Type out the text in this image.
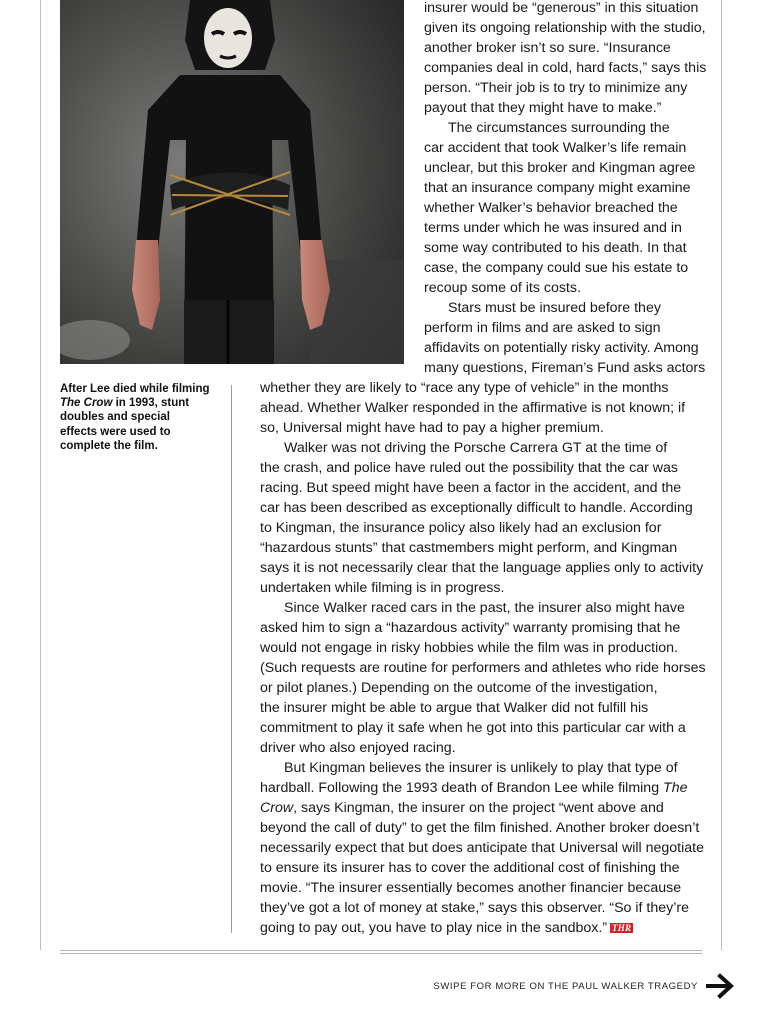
After Lee died while filming The Crow in 1993, stunt doubles and special effects were used to complete the film.

insurer would be “generous” in this situation
given its ongoing relationship with the studio,
another broker isn’t so sure. “Insurance
companies deal in cold, hard facts,” says this
person. “Their job is to try to minimize any
payout that they might have to make.”
The circumstances surrounding the
car accident that took Walker’s life remain
unclear, but this broker and Kingman agree
that an insurance company might examine
whether Walker’s behavior breached the
terms under which he was insured and in
some way contributed to his death. In that
case, the company could sue his estate to
recoup some of its costs.
Stars must be insured before they
perform in films and are asked to sign
affidavits on potentially risky activity. Among
many questions, Fireman’s Fund asks actors

whether they are likely to “race any type of vehicle” in the months
ahead. Whether Walker responded in the affirmative is not known; if
so, Universal might have had to pay a higher premium.
Walker was not driving the Porsche Carrera GT at the time of
the crash, and police have ruled out the possibility that the car was
racing. But speed might have been a factor in the accident, and the
car has been described as exceptionally difficult to handle. According
to Kingman, the insurance policy also likely had an exclusion for
“hazardous stunts” that castmembers might perform, and Kingman
says it is not necessarily clear that the language applies only to activity
undertaken while filming is in progress.
Since Walker raced cars in the past, the insurer also might have
asked him to sign a “hazardous activity” warranty promising that he
would not engage in risky hobbies while the film was in production.
(Such requests are routine for performers and athletes who ride horses
or pilot planes.) Depending on the outcome of the investigation,
the insurer might be able to argue that Walker did not fulfill his
commitment to play it safe when he got into this particular car with a
driver who also enjoyed racing.
But Kingman believes the insurer is unlikely to play that type of
hardball. Following the 1993 death of Brandon Lee while filming The
Crow, says Kingman, the insurer on the project “went above and
beyond the call of duty” to get the film finished. Another broker doesn’t
necessarily expect that but does anticipate that Universal will negotiate
to ensure its insurer has to cover the additional cost of finishing the
movie. “The insurer essentially becomes another financier because
they’ve got a lot of money at stake,” says this observer. “So if they’re
going to pay out, you have to play nice in the sandbox.” THR

SWIPE FOR MORE ON THE PAUL WALKER TRAGEDY
